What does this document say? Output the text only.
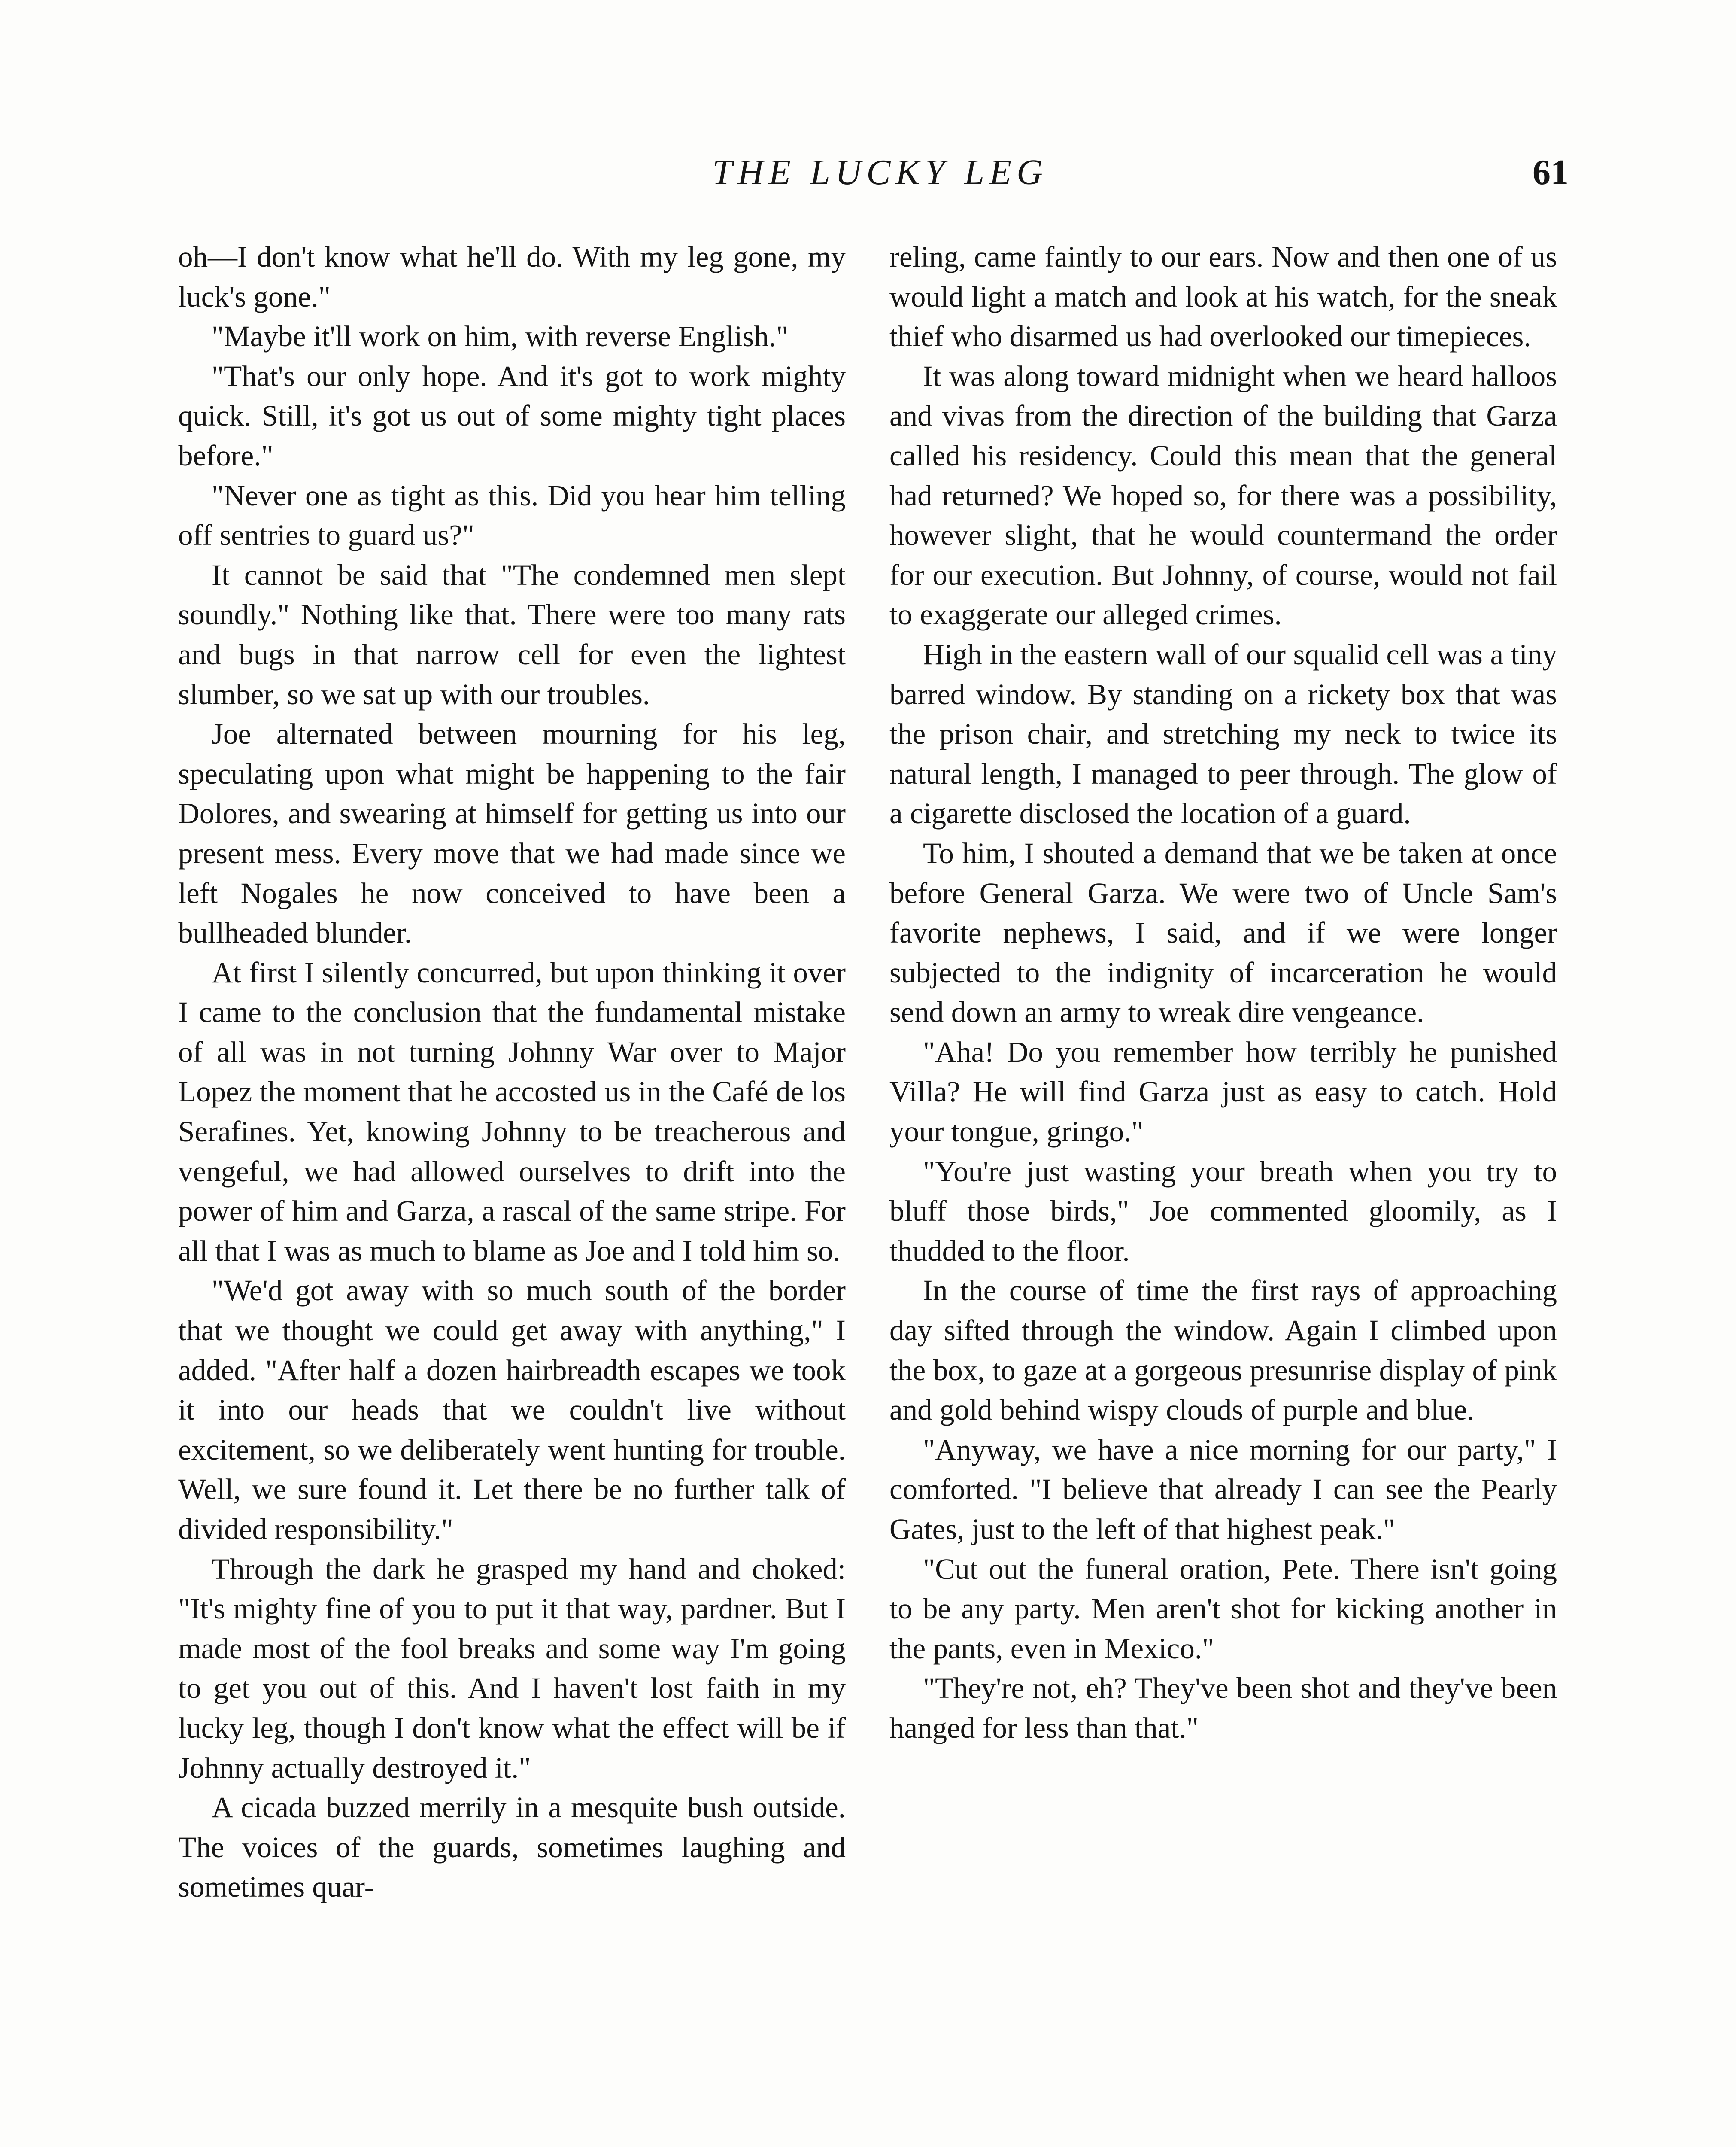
THE LUCKY LEG	61

oh—I don't know what he'll do. With my leg gone, my luck's gone."

"Maybe it'll work on him, with reverse English."

"That's our only hope. And it's got to work mighty quick. Still, it's got us out of some mighty tight places before."

"Never one as tight as this. Did you hear him telling off sentries to guard us?"

It cannot be said that "The condemned men slept soundly." Nothing like that. There were too many rats and bugs in that narrow cell for even the lightest slumber, so we sat up with our troubles.

Joe alternated between mourning for his leg, speculating upon what might be happening to the fair Dolores, and swearing at himself for getting us into our present mess. Every move that we had made since we left Nogales he now conceived to have been a bullheaded blunder.

At first I silently concurred, but upon thinking it over I came to the conclusion that the fundamental mistake of all was in not turning Johnny War over to Major Lopez the moment that he accosted us in the Café de los Serafines. Yet, knowing Johnny to be treacherous and vengeful, we had allowed ourselves to drift into the power of him and Garza, a rascal of the same stripe. For all that I was as much to blame as Joe and I told him so.

"We'd got away with so much south of the border that we thought we could get away with anything," I added. "After half a dozen hairbreadth escapes we took it into our heads that we couldn't live without excitement, so we deliberately went hunting for trouble. Well, we sure found it. Let there be no further talk of divided responsibility."

Through the dark he grasped my hand and choked: "It's mighty fine of you to put it that way, pardner. But I made most of the fool breaks and some way I'm going to get you out of this. And I haven't lost faith in my lucky leg, though I don't know what the effect will be if Johnny actually destroyed it."

A cicada buzzed merrily in a mesquite bush outside. The voices of the guards, sometimes laughing and sometimes quar-

reling, came faintly to our ears. Now and then one of us would light a match and look at his watch, for the sneak thief who disarmed us had overlooked our timepieces.

It was along toward midnight when we heard halloos and vivas from the direction of the building that Garza called his residency. Could this mean that the general had returned? We hoped so, for there was a possibility, however slight, that he would countermand the order for our execution. But Johnny, of course, would not fail to exaggerate our alleged crimes.

High in the eastern wall of our squalid cell was a tiny barred window. By standing on a rickety box that was the prison chair, and stretching my neck to twice its natural length, I managed to peer through. The glow of a cigarette disclosed the location of a guard.

To him, I shouted a demand that we be taken at once before General Garza. We were two of Uncle Sam's favorite nephews, I said, and if we were longer subjected to the indignity of incarceration he would send down an army to wreak dire vengeance.

"Aha! Do you remember how terribly he punished Villa? He will find Garza just as easy to catch. Hold your tongue, gringo."

"You're just wasting your breath when you try to bluff those birds," Joe commented gloomily, as I thudded to the floor.

In the course of time the first rays of approaching day sifted through the window. Again I climbed upon the box, to gaze at a gorgeous presunrise display of pink and gold behind wispy clouds of purple and blue.

"Anyway, we have a nice morning for our party," I comforted. "I believe that already I can see the Pearly Gates, just to the left of that highest peak."

"Cut out the funeral oration, Pete. There isn't going to be any party. Men aren't shot for kicking another in the pants, even in Mexico."

"They're not, eh? They've been shot and they've been hanged for less than that."
